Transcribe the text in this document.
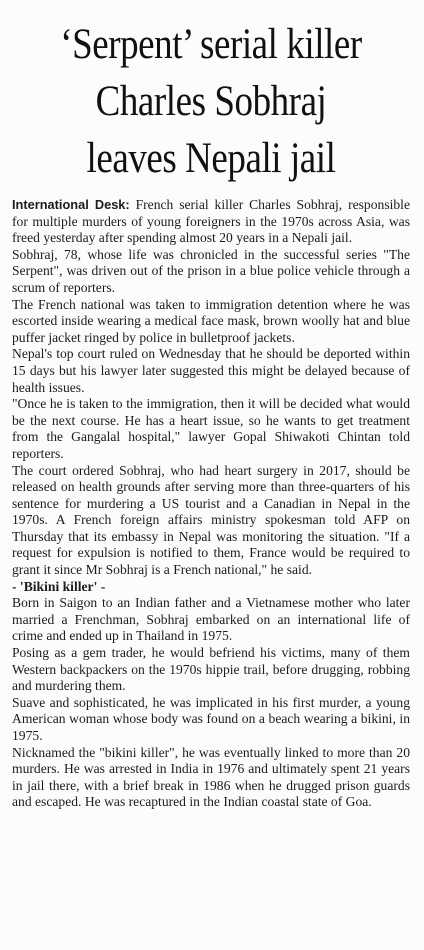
‘Serpent’ serial killer
Charles Sobhraj
leaves Nepali jail

International Desk: French serial killer Charles Sobhraj, responsible for multiple murders of young foreigners in the 1970s across Asia, was freed yesterday after spending almost 20 years in a Nepali jail.

Sobhraj, 78, whose life was chronicled in the successful series "The Serpent", was driven out of the prison in a blue police vehicle through a scrum of reporters.

The French national was taken to immigration detention where he was escorted inside wearing a medical face mask, brown woolly hat and blue puffer jacket ringed by police in bulletproof jackets.

Nepal's top court ruled on Wednesday that he should be deported within 15 days but his lawyer later suggested this might be delayed because of health issues.

"Once he is taken to the immigration, then it will be decided what would be the next course. He has a heart issue, so he wants to get treatment from the Gangalal hospital," lawyer Gopal Shiwakoti Chintan told reporters.

The court ordered Sobhraj, who had heart surgery in 2017, should be released on health grounds after serving more than three-quarters of his sentence for murdering a US tourist and a Canadian in Nepal in the 1970s. A French foreign affairs ministry spokesman told AFP on Thursday that its embassy in Nepal was monitoring the situation. "If a request for expulsion is notified to them, France would be required to grant it since Mr Sobhraj is a French national," he said.

- 'Bikini killer' -

Born in Saigon to an Indian father and a Vietnamese mother who later married a Frenchman, Sobhraj embarked on an international life of crime and ended up in Thailand in 1975.

Posing as a gem trader, he would befriend his victims, many of them Western backpackers on the 1970s hippie trail, before drugging, robbing and murdering them.

Suave and sophisticated, he was implicated in his first murder, a young American woman whose body was found on a beach wearing a bikini, in 1975.

Nicknamed the "bikini killer", he was eventually linked to more than 20 murders. He was arrested in India in 1976 and ultimately spent 21 years in jail there, with a brief break in 1986 when he drugged prison guards and escaped. He was recaptured in the Indian coastal state of Goa.
